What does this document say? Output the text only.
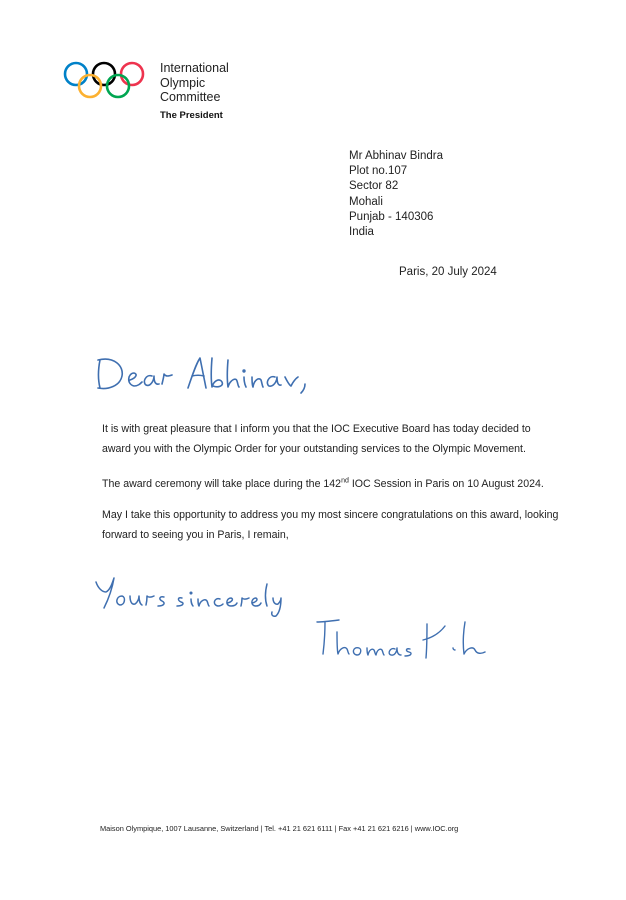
International
Olympic
Committee
The President
Mr Abhinav Bindra
Plot no.107
Sector 82
Mohali
Punjab - 140306
India
Paris, 20 July 2024
It is with great pleasure that I inform you that the IOC Executive Board has today decided to award you with the Olympic Order for your outstanding services to the Olympic Movement.
The award ceremony will take place during the 142nd IOC Session in Paris on 10 August 2024.
May I take this opportunity to address you my most sincere congratulations on this award, looking forward to seeing you in Paris, I remain,
Maison Olympique, 1007 Lausanne, Switzerland | Tel. +41 21 621 6111 | Fax +41 21 621 6216 | www.IOC.org
